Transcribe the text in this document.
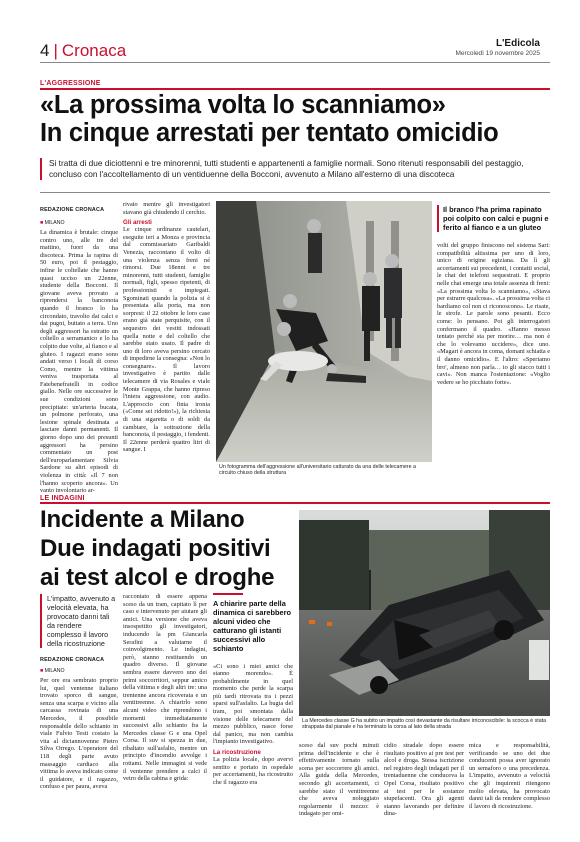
4 | Cronaca	L'Edicola
Mercoledì 19 novembre 2025
L'AGGRESSIONE
«La prossima volta lo scanniamo»
In cinque arrestati per tentato omicidio
Si tratta di due diciottenni e tre minorenni, tutti studenti e appartenenti a famiglie normali. Sono ritenuti responsabili del pestaggio, concluso con l'accoltellamento di un ventiduenne della Bocconi, avvenuto a Milano all'esterno di una discoteca
REDAZIONE CRONACA
■ MILANO
La dinamica è brutale: cinque contro uno, alle tre del mattino, fuori da una discoteca. Prima la rapina di 50 euro, poi il pestaggio, infine le coltellate che hanno quasi ucciso un 22enne, studente della Bocconi. Il giovane aveva provato a riprendersi la banconota quando il branco lo ha circondato, travolto dai calci e dai pugni, buttato a terra. Uno degli aggressori ha estratto un coltello a serramanico e lo ha colpito due volte, al fianco e al gluteo. I ragazzi erano sono andati verso i locali di corso Como, mentre la vittima veniva trasportata al Fatebenefratelli in codice giallo. Nelle ore successive le sue condizioni sono precipitate: un'arteria bucata, un polmone perforato, una lesione spinale destinata a lasciare danni permanenti. Il giorno dopo uno dei presunti aggressori ha persino commentato un post dell'europarlamentare Silvia Sardone su altri episodi di violenza in città: «Il 7 non l'hanno scoperto ancora». Un vanto involontario ar-
rivato mentre gli investigatori stavano già chiudendo il cerchio.
Gli arresti
Le cinque ordinanze cautelari, eseguite ieri a Monza e provincia dal commissariato Garibaldi Venezia, raccontano il volto di una violenza senza freni né rimorsi. Due 18enni e tre minorenni, tutti studenti, famiglie normali, figli, spesso ripetenti, di professionisti e impiegati. Sgominati quando la polizia si è presentata alla porta, ma non sorpresi: il 22 ottobre le loro case erano già state perquisite, con il sequestro dei vestiti indossati quella notte e del coltello che sarebbe stato usato. Il padre di uno di loro aveva persino cercato di impedirne la consegna: «Non lo consegnare». Il lavoro investigativo è partito dalle telecamere di via Rosales e viale Monte Grappa, che hanno ripreso l'intera aggressione, con audio. L'approccio con finta ironia («Come sei ridotto!»), la richiesta di una sigaretta o di soldi da cambiare, la sottrazione della banconota, il pestaggio, i fendenti. Il 22enne perderà quattro litri di sangue. I
Un fotogramma dell'aggressione all'universitario catturato da una delle telecamere a circuito chiuso della struttura
Il branco l'ha prima rapinato poi colpito con calci e pugni e ferito al fianco e a un gluteo
volti del gruppo finiscono nel sistema Sari: compatibilità altissima per uno di loro, unico di origine egiziana. Da lì gli accertamenti sui precedenti, i contatti social, le chat dei telefoni sequestrati. E proprio nelle chat emerge una totale assenza di freni: «La prossima volta lo scanniamo», «Stava per estrarre qualcosa». «La prossima volta ci bardiamo col non ci riconoscono». Le risate, le strofe. Le parole sono pesanti. Ecco come: lo pensano. Poi gli interrogatori confermano il quadro. «Hanno messo tentato perché sta per morire… ma non è che lo volevamo uccidere», dice uno. «Magari è ancora in coma, domani schiatta e il danno omicidio». E l'altro: «Speriamo bro', almeno non parla… io gli stacco tutti i cavi». Non manca l'ostentazione: «Voglio vedere se ho picchiato forte».
LE INDAGINI
Incidente a Milano
Due indagati positivi
ai test alcol e droghe
L'impatto, avvenuto a velocità elevata, ha provocato danni tali da rendere complesso il lavoro della ricostruzione
REDAZIONE CRONACA
■ MILANO
Per ore era sembrato proprio lui, quel ventenne italiano trovato sporco di sangue, senza una scarpa e vicino alla carcassa rovinata di una Mercedes, il possibile responsabile dello schianto in viale Fulvio Testi costato la vita al diciannovenne Pietro Silva Orrego. L'operatore del 118 degli parte avuto massaggio cardiaco alla vittima lo aveva indicato come il guidatore, e il ragazzo, confuso e per paura, aveva
raccontato di essere appena sceso da un tram, capitato lì per caso e intervenuto per aiutare gli amici. Una versione che aveva insospettito gli investigatori, inducendo la pm Giancarla Serafini a valutarne il coinvolgimento. Le indagini, però, stanno restituendo un quadro diverso. Il giovane sembra essere davvero uno dei primi soccorritori, seppur amico della vittima e degli altri tre: una trentenne ancora ricoverata e un ventitreenne. A chiarirlo sono alcuni video che riprendono i momenti immediatamente successivi allo schianto fra la Mercedes classe G e una Opel Corsa. Il suv si spezza in due, ribaltato sull'asfalto, mentre un principio d'incendio avvolge i rottami. Nelle immagini si vede il ventenne prendere a calci il vetro della cabina e grida:
A chiarire parte della dinamica ci sarebbero alcuni video che catturano gli istanti successivi allo schianto
«Ci sono i miei amici che stanno morendo». È probabilmente in quel momento che perde la scarpa più tardi ritrovata tra i pezzi sparsi sull'asfalto. La bugia del tram, poi smontata dalla visione delle telecamere del mezzo pubblico, nasce forse dal panico, ma non cambia l'impianto investigativo.
La ricostruzione
La polizia locale, dopo avervi sentito e portato in ospedale per accertamenti, ha ricostruito che il ragazzo era
La Mercedes classe G ha subito un impatto così devastante da risultare irriconoscibile: la scocca è stata strappata dal pianale e ha terminato la corsa al lato della strada
sceso dal suv pochi minuti prima dell'incidente e che è effettivamente tornato sulla scena per soccorrere gli amici. Alla guida della Mercedes, secondo gli accertamenti, ci sarebbe stato il ventitreenne che aveva noleggiato regolarmente il mezzo: è indagato per omi-
cidio stradale dopo essere risultato positivo ai pre test per alcol e droga. Stessa iscrizione nel registro degli indagati per il trentaduenne che conduceva la Opel Corsa, risultato positivo ai test per le sostanze stupefacenti. Ora gli agenti stanno lavorando per definire dina-
mica e responsabilità, verificando se uno dei due conducenti possa aver ignorato un semaforo o una precedenza. L'impatto, avvenuto a velocità che gli inquirenti ritengono molto elevata, ha provocato danni tali da rendere complesso il lavoro di ricostruzione.
